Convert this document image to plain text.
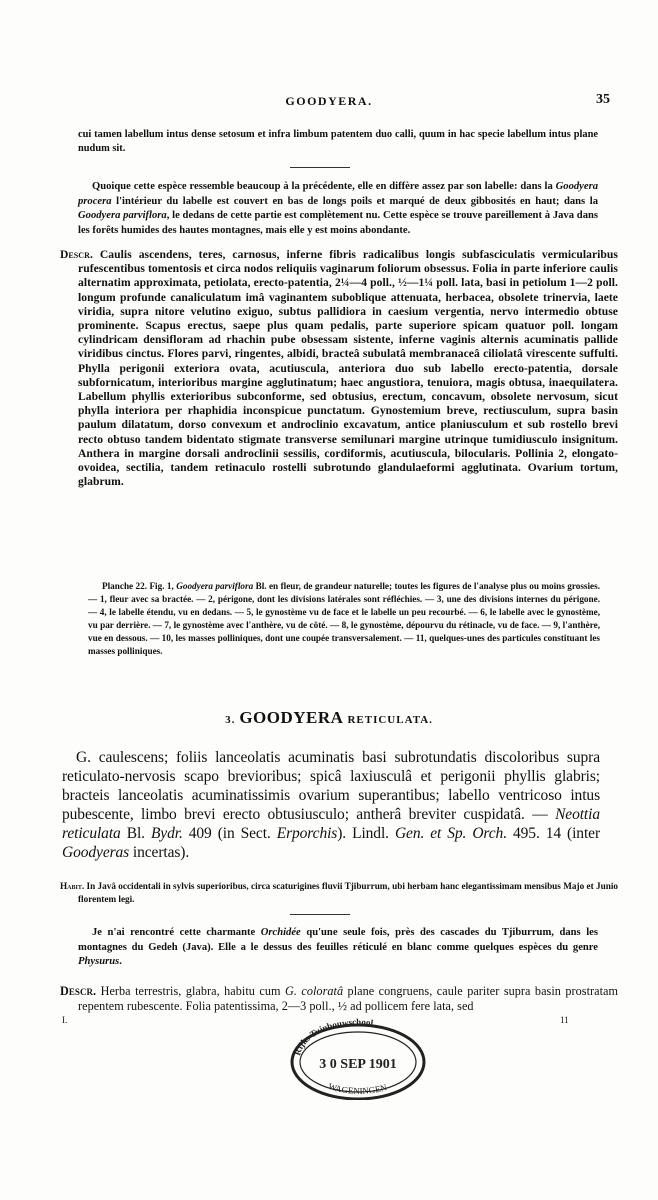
GOODYERA.	35
cui tamen labellum intus dense setosum et infra limbum patentem duo calli, quum in hac specie labellum intus plane nudum sit.
Quoique cette espèce ressemble beaucoup à la précédente, elle en diffère assez par son labelle: dans la Goodyera procera l'intérieur du labelle est couvert en bas de longs poils et marqué de deux gibbosités en haut; dans la Goodyera parviflora, le dedans de cette partie est complètement nu. Cette espèce se trouve pareillement à Java dans les forêts humides des hautes montagnes, mais elle y est moins abondante.
Descr. Caulis ascendens, teres, carnosus, inferne fibris radicalibus longis subfasciculatis vermicularibus rufescentibus tomentosis et circa nodos reliquiis vaginarum foliorum obsessus. Folia in parte inferiore caulis alternatim approximata, petiolata, erecto-patentia, 2¼—4 poll., ½—1¼ poll. lata, basi in petiolum 1—2 poll. longum profunde canaliculatum imâ vaginantem suboblique attenuata, herbacea, obsolete trinervia, laete viridia, supra nitore velutino exiguo, subtus pallidiora in caesium vergentia, nervo intermedio obtuse prominente. Scapus erectus, saepe plus quam pedalis, parte superiore spicam quatuor poll. longam cylindricam densifloram ad rhachin pube obsessam sistente, inferne vaginis alternis acuminatis pallide viridibus cinctus. Flores parvi, ringentes, albidi, bracteâ subulatâ membranaceâ ciliolatâ virescente suffulti. Phylla perigonii exteriora ovata, acutiuscula, anteriora duo sub labello erecto-patentia, dorsale subfornicatum, interioribus margine agglutinatum; haec angustiora, tenuiora, magis obtusa, inaequilatera. Labellum phyllis exterioribus subconforme, sed obtusius, erectum, concavum, obsolete nervosum, sicut phylla interiora per rhaphidia inconspicue punctatum. Gynostemium breve, rectiusculum, supra basin paulum dilatatum, dorso convexum et androclinio excavatum, antice planiusculum et sub rostello brevi recto obtuso tandem bidentato stigmate transverse semilunari margine utrinque tumidiusculo insignitum. Anthera in margine dorsali androclinii sessilis, cordiformis, acutiuscula, bilocularis. Pollinia 2, elongato-ovoidea, sectilia, tandem retinaculo rostelli subrotundo glandulaeformi agglutinata. Ovarium tortum, glabrum.
Planche 22. Fig. 1, Goodyera parviflora Bl. en fleur, de grandeur naturelle; toutes les figures de l'analyse plus ou moins grossies. — 1, fleur avec sa bractée. — 2, périgone, dont les divisions latérales sont réfléchies. — 3, une des divisions internes du périgone. — 4, le labelle étendu, vu en dedans. — 5, le gynostème vu de face et le labelle un peu recourbé. — 6, le labelle avec le gynostème, vu par derrière. — 7, le gynostème avec l'anthère, vu de côté. — 8, le gynostème, dépourvu du rétinacle, vu de face. — 9, l'anthère, vue en dessous. — 10, les masses polliniques, dont une coupée transversalement. — 11, quelques-unes des particules constituant les masses polliniques.
3. GOODYERA RETICULATA.
G. caulescens; foliis lanceolatis acuminatis basi subrotundatis discoloribus supra reticulato-nervosis scapo brevioribus; spicâ laxiusculâ et perigonii phyllis glabris; bracteis lanceolatis acuminatissimis ovarium superantibus; labello ventricoso intus pubescente, limbo brevi erecto obtusiusculo; antherâ breviter cuspidatâ. — Neottia reticulata Bl. Bydr. 409 (in Sect. Erporchis). Lindl. Gen. et Sp. Orch. 495. 14 (inter Goodyeras incertas).
Habit. In Javâ occidentali in sylvis superioribus, circa scaturigines fluvii Tjiburrum, ubi herbam hanc elegantissimam mensibus Majo et Junio florentem legi.
Je n'ai rencontré cette charmante Orchidée qu'une seule fois, près des cascades du Tjiburrum, dans les montagnes du Gedeh (Java). Elle a le dessus des feuilles réticulé en blanc comme quelques espèces du genre Physurus.
Descr. Herba terrestris, glabra, habitu cum G. coloratâ plane congruens, caule pariter supra basin prostratam repentem rubescente. Folia patentissima, 2—3 poll., ½ ad pollicem fere lata, sed
I.	11
Rijks Tuinbouwschool
3 0 SEP 1901
WAGENINGEN
